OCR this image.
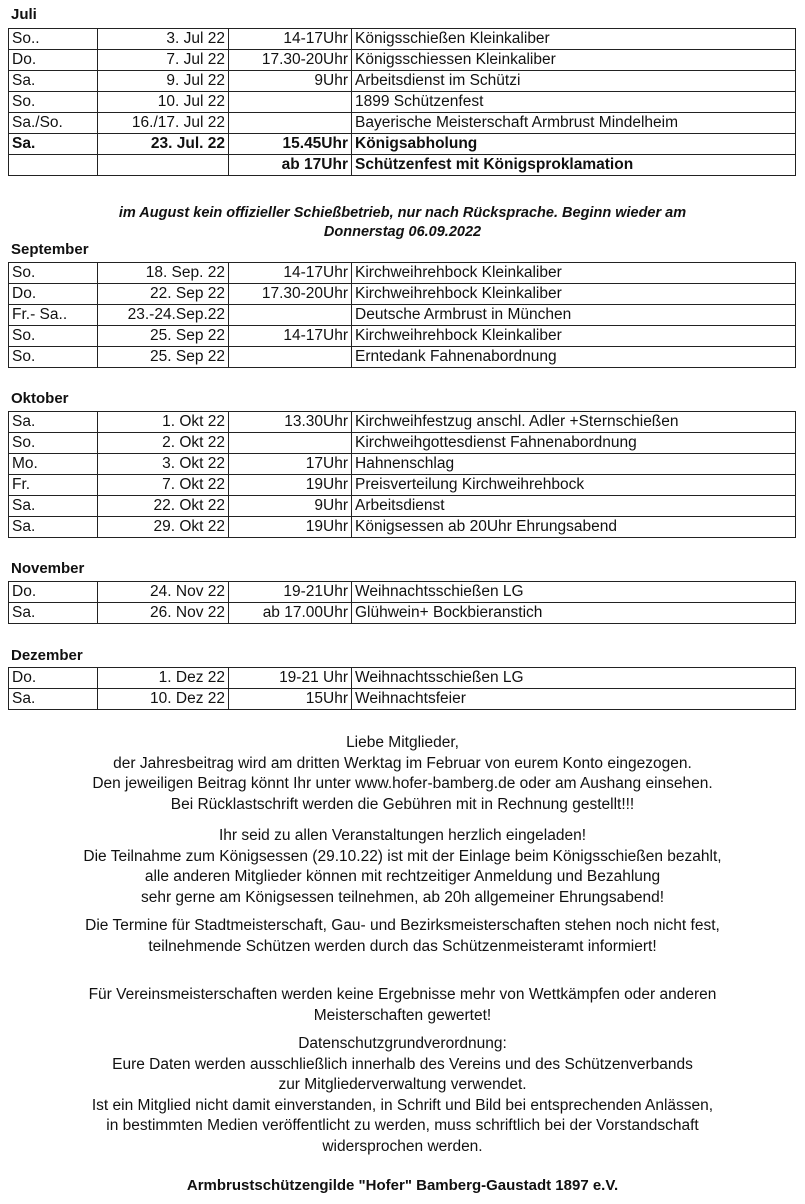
Juli
So..	3. Jul 22	14-17Uhr	Königsschießen Kleinkaliber
Do.	7. Jul 22	17.30-20Uhr	Königsschiessen Kleinkaliber
Sa.	9. Jul 22	9Uhr	Arbeitsdienst im Schützi
So.	10. Jul 22		1899 Schützenfest
Sa./So.	16./17. Jul 22		Bayerische Meisterschaft Armbrust Mindelheim
Sa.	23. Jul. 22	15.45Uhr	Königsabholung
		ab 17Uhr	Schützenfest mit Königsproklamation
im August kein offizieller Schießbetrieb, nur nach Rücksprache. Beginn wieder am
Donnerstag 06.09.2022
September
So.	18. Sep. 22	14-17Uhr	Kirchweihrehbock Kleinkaliber
Do.	22. Sep 22	17.30-20Uhr	Kirchweihrehbock Kleinkaliber
Fr.- Sa..	23.-24.Sep.22		Deutsche Armbrust in München
So.	25. Sep 22	14-17Uhr	Kirchweihrehbock Kleinkaliber
So.	25. Sep 22		Erntedank Fahnenabordnung
Oktober
Sa.	1. Okt 22	13.30Uhr	Kirchweihfestzug anschl. Adler +Sternschießen
So.	2. Okt 22		Kirchweihgottesdienst Fahnenabordnung
Mo.	3. Okt 22	17Uhr	Hahnenschlag
Fr.	7. Okt 22	19Uhr	Preisverteilung Kirchweihrehbock
Sa.	22. Okt 22	9Uhr	Arbeitsdienst
Sa.	29. Okt 22	19Uhr	Königsessen ab 20Uhr Ehrungsabend
November
Do.	24. Nov 22	19-21Uhr	Weihnachtsschießen LG
Sa.	26. Nov 22	ab 17.00Uhr	Glühwein+ Bockbieranstich
Dezember
Do.	1. Dez 22	19-21 Uhr	Weihnachtsschießen LG
Sa.	10. Dez 22	15Uhr	Weihnachtsfeier
Liebe Mitglieder,
der Jahresbeitrag wird am dritten Werktag im Februar von eurem Konto eingezogen.
Den jeweiligen Beitrag könnt Ihr unter www.hofer-bamberg.de oder am Aushang einsehen.
Bei Rücklastschrift werden die Gebühren mit in Rechnung gestellt!!!
Ihr seid zu allen Veranstaltungen herzlich eingeladen!
Die Teilnahme zum Königsessen (29.10.22) ist mit der Einlage beim Königsschießen bezahlt,
alle anderen Mitglieder können mit rechtzeitiger Anmeldung und Bezahlung
sehr gerne am Königsessen teilnehmen, ab 20h allgemeiner Ehrungsabend!
Die Termine für Stadtmeisterschaft, Gau- und Bezirksmeisterschaften stehen noch nicht fest,
teilnehmende Schützen werden durch das Schützenmeisteramt informiert!
Für Vereinsmeisterschaften werden keine Ergebnisse mehr von Wettkämpfen oder anderen
Meisterschaften gewertet!
Datenschutzgrundverordnung:
Eure Daten werden ausschließlich innerhalb des Vereins und des Schützenverbands
zur Mitgliederverwaltung verwendet.
Ist ein Mitglied nicht damit einverstanden, in Schrift und Bild bei entsprechenden Anlässen,
in bestimmten Medien veröffentlicht zu werden, muss schriftlich bei der Vorstandschaft
widersprochen werden.
Armbrustschützengilde "Hofer" Bamberg-Gaustadt 1897 e.V.
